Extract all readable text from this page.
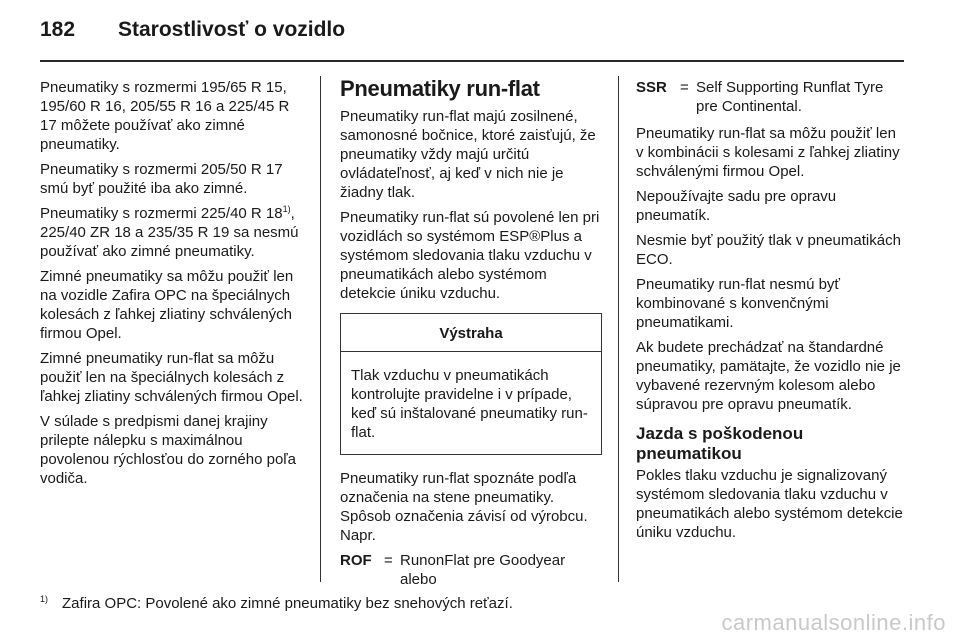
182 Starostlivosť o vozidlo

Pneumatiky s rozmermi 195/65 R 15, 195/60 R 16, 205/55 R 16 a 225/45 R 17 môžete používať ako zimné pneumatiky.

Pneumatiky s rozmermi 205/50 R 17 smú byť použité iba ako zimné.

Pneumatiky s rozmermi 225/40 R 18$^{1)}$, 225/40 ZR 18 a 235/35 R 19 sa nesmú používať ako zimné pneumatiky.

Zimné pneumatiky sa môžu použiť len na vozidle Zafira OPC na špeciálnych kolesách z ľahkej zliatiny schválených firmou Opel.

Zimné pneumatiky run-flat sa môžu použiť len na špeciálnych kolesách z ľahkej zliatiny schválených firmou Opel.

V súlade s predpismi danej krajiny prilepte nálepku s maximálnou povolenou rýchlosťou do zorného poľa vodiča.

Pneumatiky run-flat

Pneumatiky run-flat majú zosilnené, samonosné bočnice, ktoré zaisťujú, že pneumatiky vždy majú určitú ovládateľnosť, aj keď v nich nie je žiadny tlak.

Pneumatiky run-flat sú povolené len pri vozidlách so systémom ESP®Plus a systémom sledovania tlaku vzduchu v pneumatikách alebo systémom detekcie úniku vzduchu.

Výstraha
Tlak vzduchu v pneumatikách kontrolujte pravidelne i v prípade, keď sú inštalované pneumatiky run-flat.

Pneumatiky run-flat spoznáte podľa označenia na stene pneumatiky. Spôsob označenia závisí od výrobcu. Napr.

ROF = RunonFlat pre Goodyear alebo
SSR = Self Supporting Runflat Tyre pre Continental.

Pneumatiky run-flat sa môžu použiť len v kombinácii s kolesami z ľahkej zliatiny schválenými firmou Opel.

Nepoužívajte sadu pre opravu pneumatík.

Nesmie byť použitý tlak v pneumatikách ECO.

Pneumatiky run-flat nesmú byť kombinované s konvenčnými pneumatikami.

Ak budete prechádzať na štandardné pneumatiky, pamätajte, že vozidlo nie je vybavené rezervným kolesom alebo súpravou pre opravu pneumatík.

Jazda s poškodenou pneumatikou

Pokles tlaku vzduchu je signalizovaný systémom sledovania tlaku vzduchu v pneumatikách alebo systémom detekcie úniku vzduchu.

$^{1)}$ Zafira OPC: Povolené ako zimné pneumatiky bez snehových reťazí.
carmanualsonline.info
